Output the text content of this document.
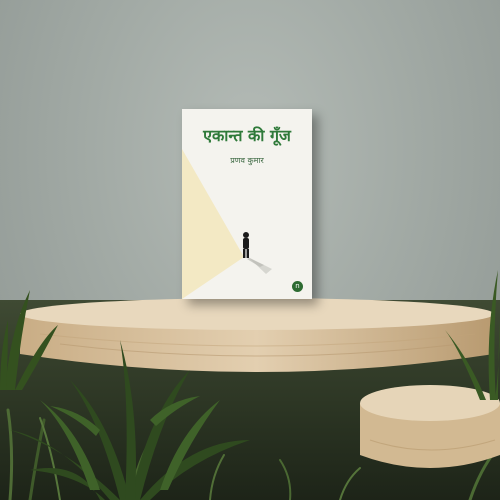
एकान्त की गूँज
प्रणव कुमार
n
